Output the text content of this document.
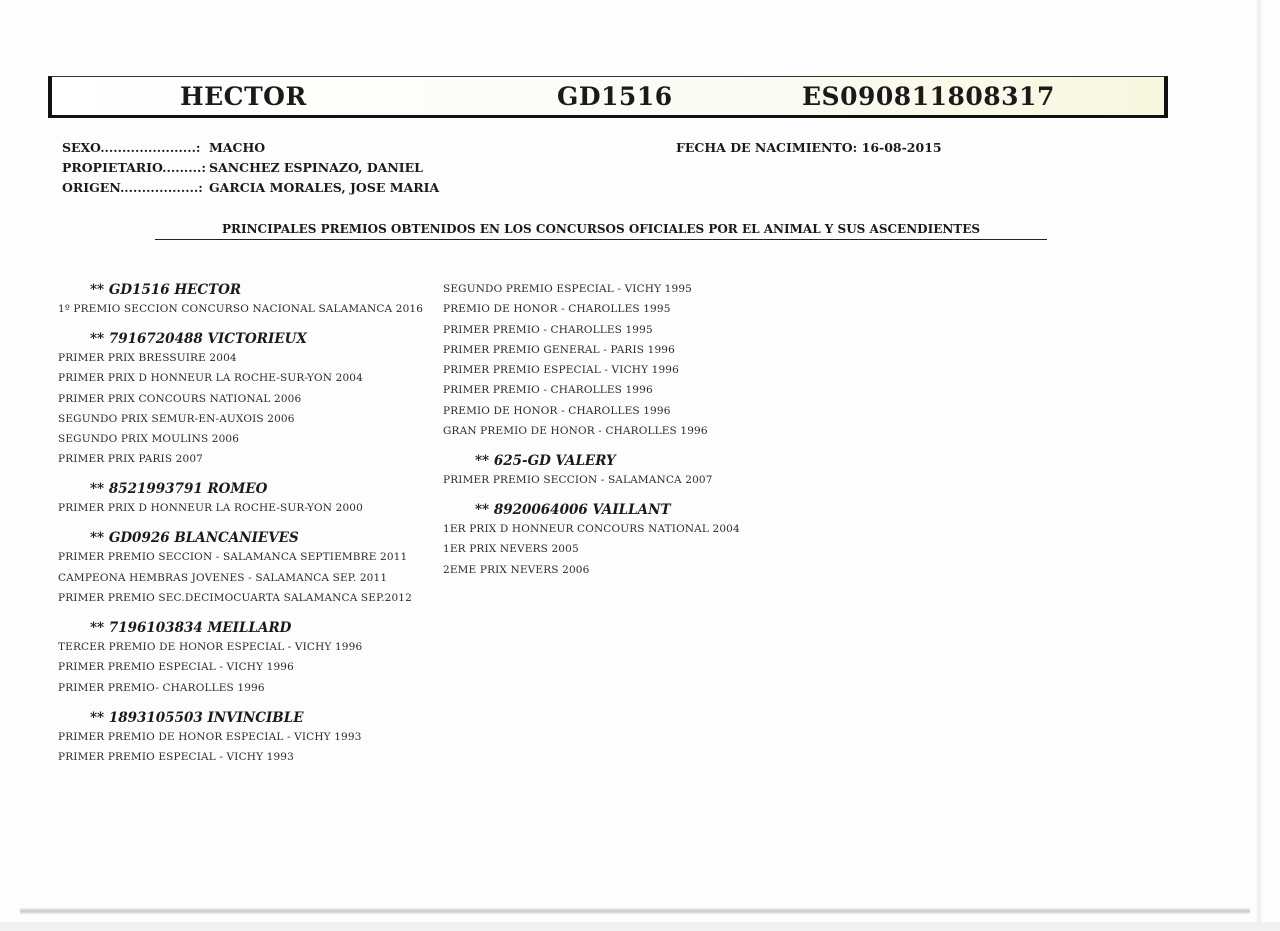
HECTOR	GD1516	ES090811808317
SEXO......................: MACHO
PROPIETARIO.........: SANCHEZ ESPINAZO, DANIEL
ORIGEN..................: GARCIA MORALES, JOSE MARIA
FECHA DE NACIMIENTO: 16-08-2015
PRINCIPALES PREMIOS OBTENIDOS EN LOS CONCURSOS OFICIALES POR EL ANIMAL Y SUS ASCENDIENTES
** GD1516 HECTOR
1º PREMIO SECCION CONCURSO NACIONAL SALAMANCA 2016
** 7916720488 VICTORIEUX
PRIMER PRIX BRESSUIRE 2004
PRIMER PRIX D HONNEUR LA ROCHE-SUR-YON 2004
PRIMER PRIX CONCOURS NATIONAL 2006
SEGUNDO PRIX SEMUR-EN-AUXOIS 2006
SEGUNDO PRIX MOULINS 2006
PRIMER PRIX PARIS 2007
** 8521993791 ROMEO
PRIMER PRIX D HONNEUR LA ROCHE-SUR-YON 2000
** GD0926 BLANCANIEVES
PRIMER PREMIO SECCION - SALAMANCA SEPTIEMBRE 2011
CAMPEONA HEMBRAS JOVENES - SALAMANCA SEP. 2011
PRIMER PREMIO SEC.DECIMOCUARTA SALAMANCA SEP.2012
** 7196103834 MEILLARD
TERCER PREMIO DE HONOR ESPECIAL - VICHY 1996
PRIMER PREMIO ESPECIAL - VICHY 1996
PRIMER PREMIO- CHAROLLES 1996
** 1893105503 INVINCIBLE
PRIMER PREMIO DE HONOR ESPECIAL - VICHY 1993
PRIMER PREMIO ESPECIAL - VICHY 1993
SEGUNDO PREMIO ESPECIAL - VICHY 1995
PREMIO DE HONOR - CHAROLLES 1995
PRIMER PREMIO - CHAROLLES 1995
PRIMER PREMIO GENERAL - PARIS 1996
PRIMER PREMIO ESPECIAL - VICHY 1996
PRIMER PREMIO - CHAROLLES 1996
PREMIO DE HONOR - CHAROLLES 1996
GRAN PREMIO DE HONOR - CHAROLLES 1996
** 625-GD VALERY
PRIMER PREMIO SECCION - SALAMANCA 2007
** 8920064006 VAILLANT
1ER PRIX D HONNEUR CONCOURS NATIONAL 2004
1ER PRIX NEVERS 2005
2EME PRIX NEVERS 2006
